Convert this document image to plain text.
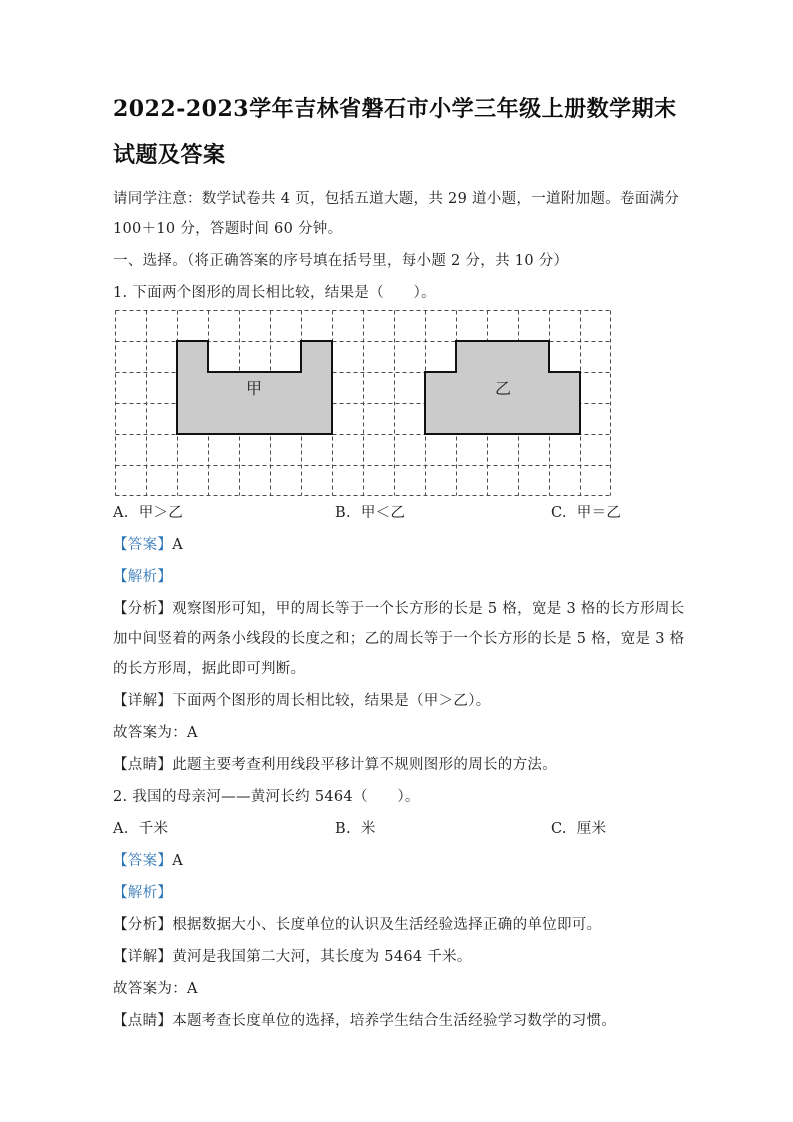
2022-2023学年吉林省磐石市小学三年级上册数学期末试题及答案

请同学注意：数学试卷共 4 页，包括五道大题，共 29 道小题，一道附加题。卷面满分 100＋10 分，答题时间 60 分钟。

一、选择。（将正确答案的序号填在括号里，每小题 2 分，共 10 分）

1. 下面两个图形的周长相比较，结果是（　　）。

甲	乙
A. 甲＞乙	B. 甲＜乙	C. 甲＝乙

【答案】A

【解析】

【分析】观察图形可知，甲的周长等于一个长方形的长是 5 格，宽是 3 格的长方形周长加中间竖着的两条小线段的长度之和；乙的周长等于一个长方形的长是 5 格，宽是 3 格的长方形周，据此即可判断。

【详解】下面两个图形的周长相比较，结果是（甲＞乙）。

故答案为：A

【点睛】此题主要考查利用线段平移计算不规则图形的周长的方法。

2. 我国的母亲河——黄河长约 5464（　　）。

A. 千米	B. 米	C. 厘米

【答案】A

【解析】

【分析】根据数据大小、长度单位的认识及生活经验选择正确的单位即可。

【详解】黄河是我国第二大河，其长度为 5464 千米。

故答案为：A

【点睛】本题考查长度单位的选择，培养学生结合生活经验学习数学的习惯。
